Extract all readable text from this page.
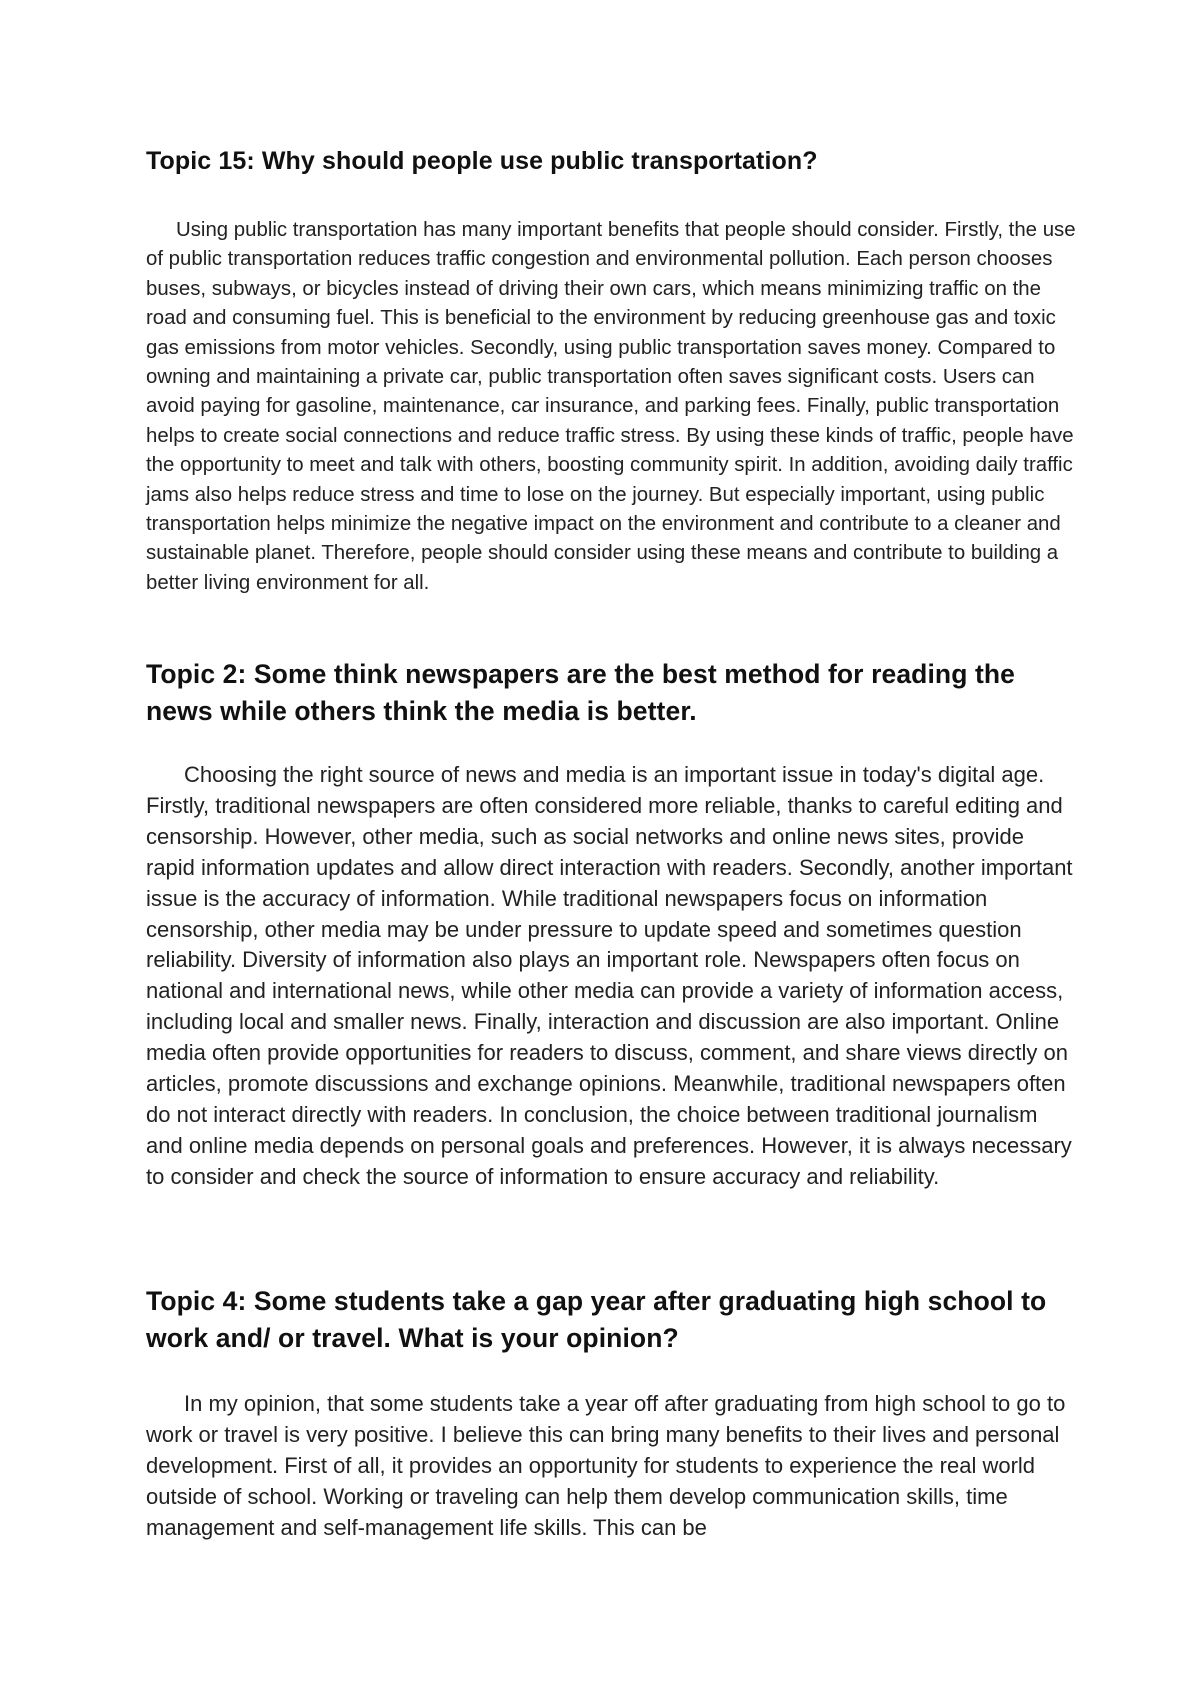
Topic 15: Why should people use public transportation?

Using public transportation has many important benefits that people should consider. Firstly, the use of public transportation reduces traffic congestion and environmental pollution. Each person chooses buses, subways, or bicycles instead of driving their own cars, which means minimizing traffic on the road and consuming fuel. This is beneficial to the environment by reducing greenhouse gas and toxic gas emissions from motor vehicles. Secondly, using public transportation saves money. Compared to owning and maintaining a private car, public transportation often saves significant costs. Users can avoid paying for gasoline, maintenance, car insurance, and parking fees. Finally, public transportation helps to create social connections and reduce traffic stress. By using these kinds of traffic, people have the opportunity to meet and talk with others, boosting community spirit. In addition, avoiding daily traffic jams also helps reduce stress and time to lose on the journey. But especially important, using public transportation helps minimize the negative impact on the environment and contribute to a cleaner and sustainable planet. Therefore, people should consider using these means and contribute to building a better living environment for all.

Topic 2: Some think newspapers are the best method for reading the news while others think the media is better.

Choosing the right source of news and media is an important issue in today's digital age. Firstly, traditional newspapers are often considered more reliable, thanks to careful editing and censorship. However, other media, such as social networks and online news sites, provide rapid information updates and allow direct interaction with readers. Secondly, another important issue is the accuracy of information. While traditional newspapers focus on information censorship, other media may be under pressure to update speed and sometimes question reliability. Diversity of information also plays an important role. Newspapers often focus on national and international news, while other media can provide a variety of information access, including local and smaller news. Finally, interaction and discussion are also important. Online media often provide opportunities for readers to discuss, comment, and share views directly on articles, promote discussions and exchange opinions. Meanwhile, traditional newspapers often do not interact directly with readers. In conclusion, the choice between traditional journalism and online media depends on personal goals and preferences. However, it is always necessary to consider and check the source of information to ensure accuracy and reliability.

Topic 4: Some students take a gap year after graduating high school to work and/ or travel. What is your opinion?

In my opinion, that some students take a year off after graduating from high school to go to work or travel is very positive. I believe this can bring many benefits to their lives and personal development. First of all, it provides an opportunity for students to experience the real world outside of school. Working or traveling can help them develop communication skills, time management and self-management life skills. This can be
